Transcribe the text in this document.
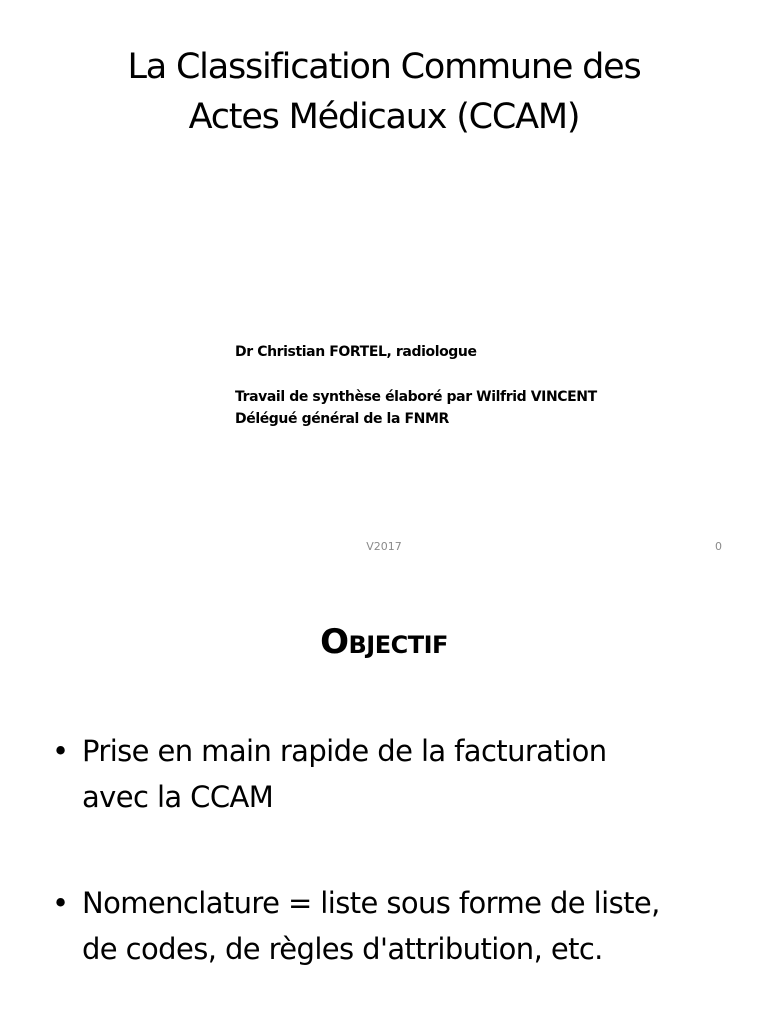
La Classification Commune des
Actes Médicaux (CCAM)
Dr Christian FORTEL, radiologue
Travail de synthèse élaboré par Wilfrid VINCENT
Délégué général de la FNMR
V2017	0
Objectif
• Prise en main rapide de la facturation
avec la CCAM
• Nomenclature = liste sous forme de liste,
de codes, de règles d'attribution, etc.
